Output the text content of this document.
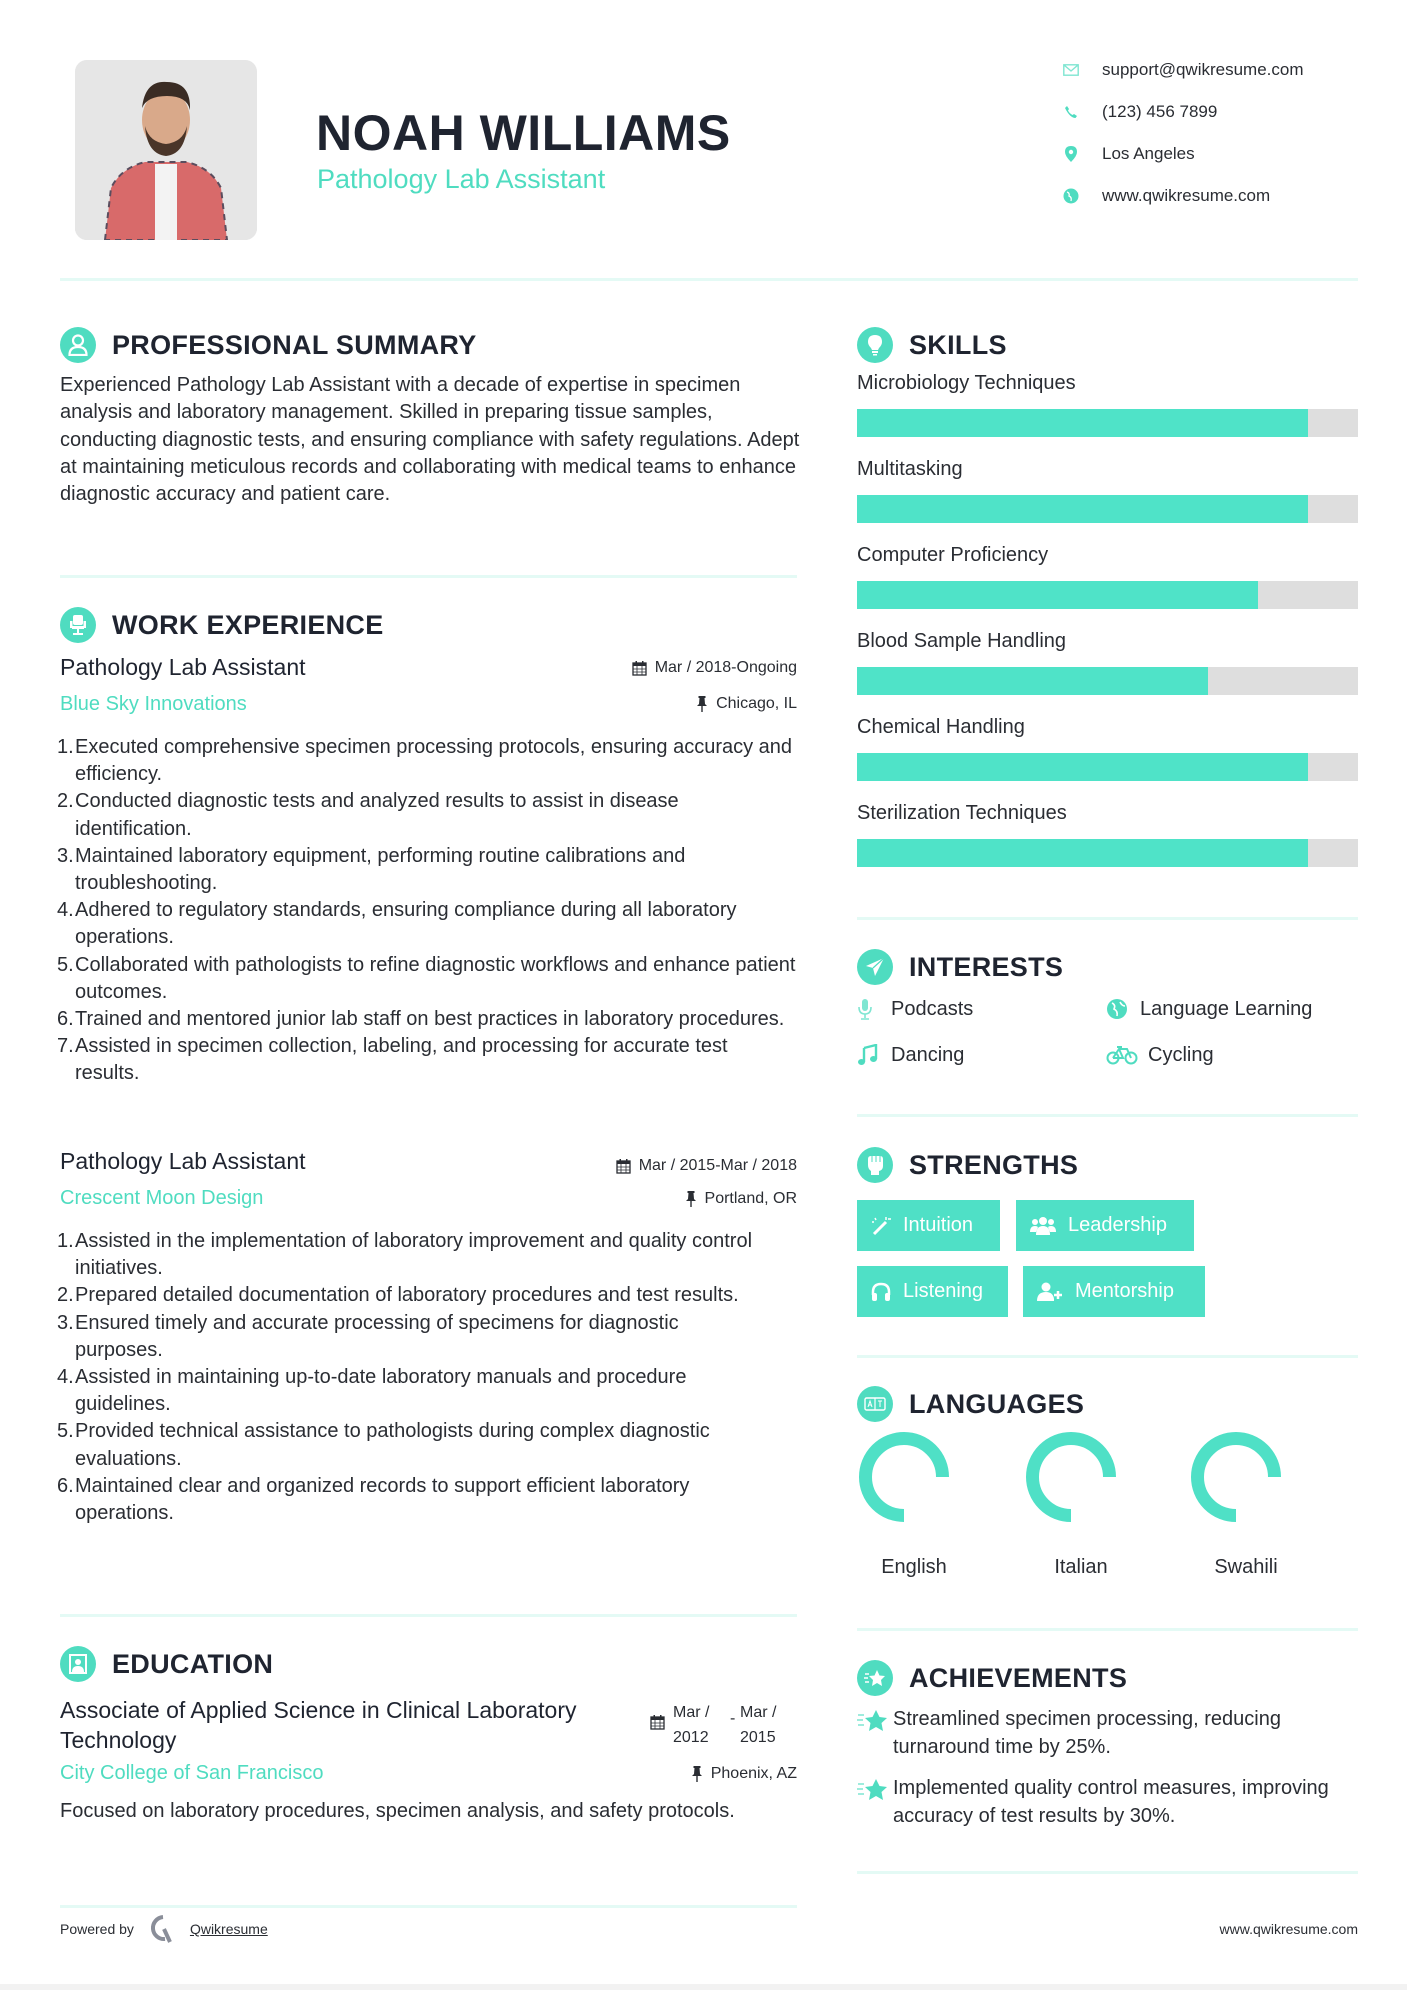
NOAH WILLIAMS
Pathology Lab Assistant
support@qwikresume.com
(123) 456 7899
Los Angeles
www.qwikresume.com
PROFESSIONAL SUMMARY
Experienced Pathology Lab Assistant with a decade of expertise in specimen analysis and laboratory management. Skilled in preparing tissue samples, conducting diagnostic tests, and ensuring compliance with safety regulations. Adept at maintaining meticulous records and collaborating with medical teams to enhance diagnostic accuracy and patient care.
WORK EXPERIENCE
Pathology Lab Assistant	Mar / 2018-Ongoing
Blue Sky Innovations	Chicago, IL
1. Executed comprehensive specimen processing protocols, ensuring accuracy and efficiency.
2. Conducted diagnostic tests and analyzed results to assist in disease identification.
3. Maintained laboratory equipment, performing routine calibrations and troubleshooting.
4. Adhered to regulatory standards, ensuring compliance during all laboratory operations.
5. Collaborated with pathologists to refine diagnostic workflows and enhance patient outcomes.
6. Trained and mentored junior lab staff on best practices in laboratory procedures.
7. Assisted in specimen collection, labeling, and processing for accurate test results.
Pathology Lab Assistant	Mar / 2015-Mar / 2018
Crescent Moon Design	Portland, OR
1. Assisted in the implementation of laboratory improvement and quality control initiatives.
2. Prepared detailed documentation of laboratory procedures and test results.
3. Ensured timely and accurate processing of specimens for diagnostic purposes.
4. Assisted in maintaining up-to-date laboratory manuals and procedure guidelines.
5. Provided technical assistance to pathologists during complex diagnostic evaluations.
6. Maintained clear and organized records to support efficient laboratory operations.
EDUCATION
Associate of Applied Science in Clinical Laboratory Technology
Mar / 2012
- Mar / 2015
City College of San Francisco	Phoenix, AZ
Focused on laboratory procedures, specimen analysis, and safety protocols.
Powered by	Qwikresume	www.qwikresume.com
SKILLS
Microbiology Techniques
Multitasking
Computer Proficiency
Blood Sample Handling
Chemical Handling
Sterilization Techniques
INTERESTS
Podcasts	Language Learning
Dancing	Cycling
STRENGTHS
Intuition	Leadership
Listening	Mentorship
LANGUAGES
English	Italian	Swahili
ACHIEVEMENTS
Streamlined specimen processing, reducing turnaround time by 25%.
Implemented quality control measures, improving accuracy of test results by 30%.
